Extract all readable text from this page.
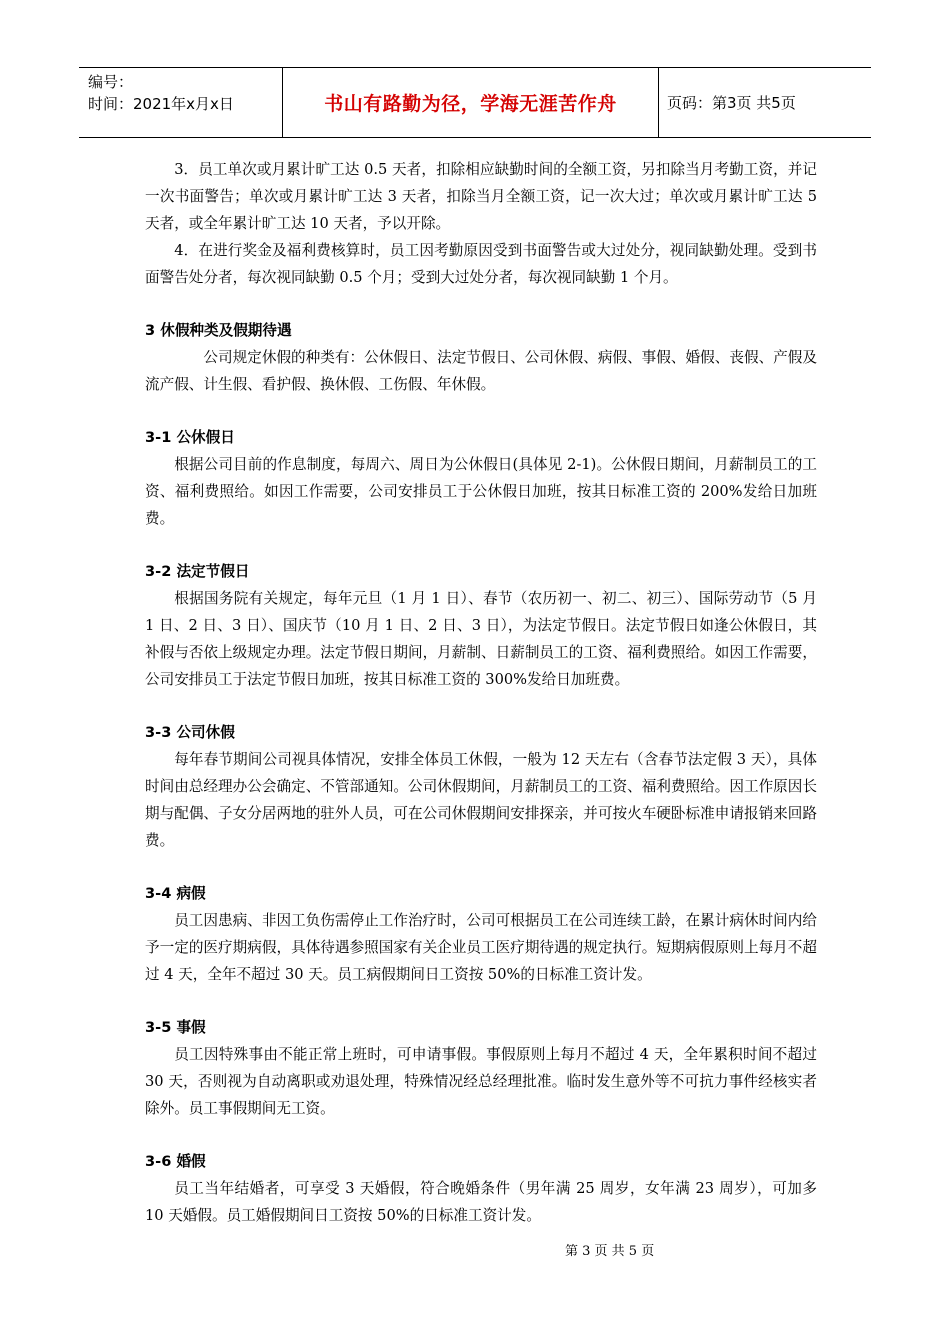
编号：
时间：2021年x月x日	书山有路勤为径，学海无涯苦作舟	页码：第3页 共5页

3．员工单次或月累计旷工达 0.5 天者，扣除相应缺勤时间的全额工资，另扣除当月考勤工资，并记一次书面警告；单次或月累计旷工达 3 天者，扣除当月全额工资，记一次大过；单次或月累计旷工达 5 天者，或全年累计旷工达 10 天者，予以开除。

4．在进行奖金及福利费核算时，员工因考勤原因受到书面警告或大过处分，视同缺勤处理。受到书面警告处分者，每次视同缺勤 0.5 个月；受到大过处分者，每次视同缺勤 1 个月。

3 休假种类及假期待遇

公司规定休假的种类有：公休假日、法定节假日、公司休假、病假、事假、婚假、丧假、产假及流产假、计生假、看护假、换休假、工伤假、年休假。

3-1 公休假日

根据公司目前的作息制度，每周六、周日为公休假日(具体见 2-1)。公休假日期间，月薪制员工的工资、福利费照给。如因工作需要，公司安排员工于公休假日加班，按其日标准工资的 200%发给日加班费。

3-2 法定节假日

根据国务院有关规定，每年元旦（1 月 1 日）、春节（农历初一、初二、初三）、国际劳动节（5 月 1 日、2 日、3 日）、国庆节（10 月 1 日、2 日、3 日），为法定节假日。法定节假日如逢公休假日，其补假与否依上级规定办理。法定节假日期间，月薪制、日薪制员工的工资、福利费照给。如因工作需要，公司安排员工于法定节假日加班，按其日标准工资的 300%发给日加班费。

3-3 公司休假

每年春节期间公司视具体情况，安排全体员工休假，一般为 12 天左右（含春节法定假 3 天），具体时间由总经理办公会确定、不管部通知。公司休假期间，月薪制员工的工资、福利费照给。因工作原因长期与配偶、子女分居两地的驻外人员，可在公司休假期间安排探亲，并可按火车硬卧标准申请报销来回路费。

3-4 病假

员工因患病、非因工负伤需停止工作治疗时，公司可根据员工在公司连续工龄，在累计病休时间内给予一定的医疗期病假，具体待遇参照国家有关企业员工医疗期待遇的规定执行。短期病假原则上每月不超过 4 天，全年不超过 30 天。员工病假期间日工资按 50%的日标准工资计发。

3-5 事假

员工因特殊事由不能正常上班时，可申请事假。事假原则上每月不超过 4 天，全年累积时间不超过 30 天，否则视为自动离职或劝退处理，特殊情况经总经理批准。临时发生意外等不可抗力事件经核实者除外。员工事假期间无工资。

3-6 婚假

员工当年结婚者，可享受 3 天婚假，符合晚婚条件（男年满 25 周岁，女年满 23 周岁），可加多 10 天婚假。员工婚假期间日工资按 50%的日标准工资计发。

第 3 页 共 5 页
